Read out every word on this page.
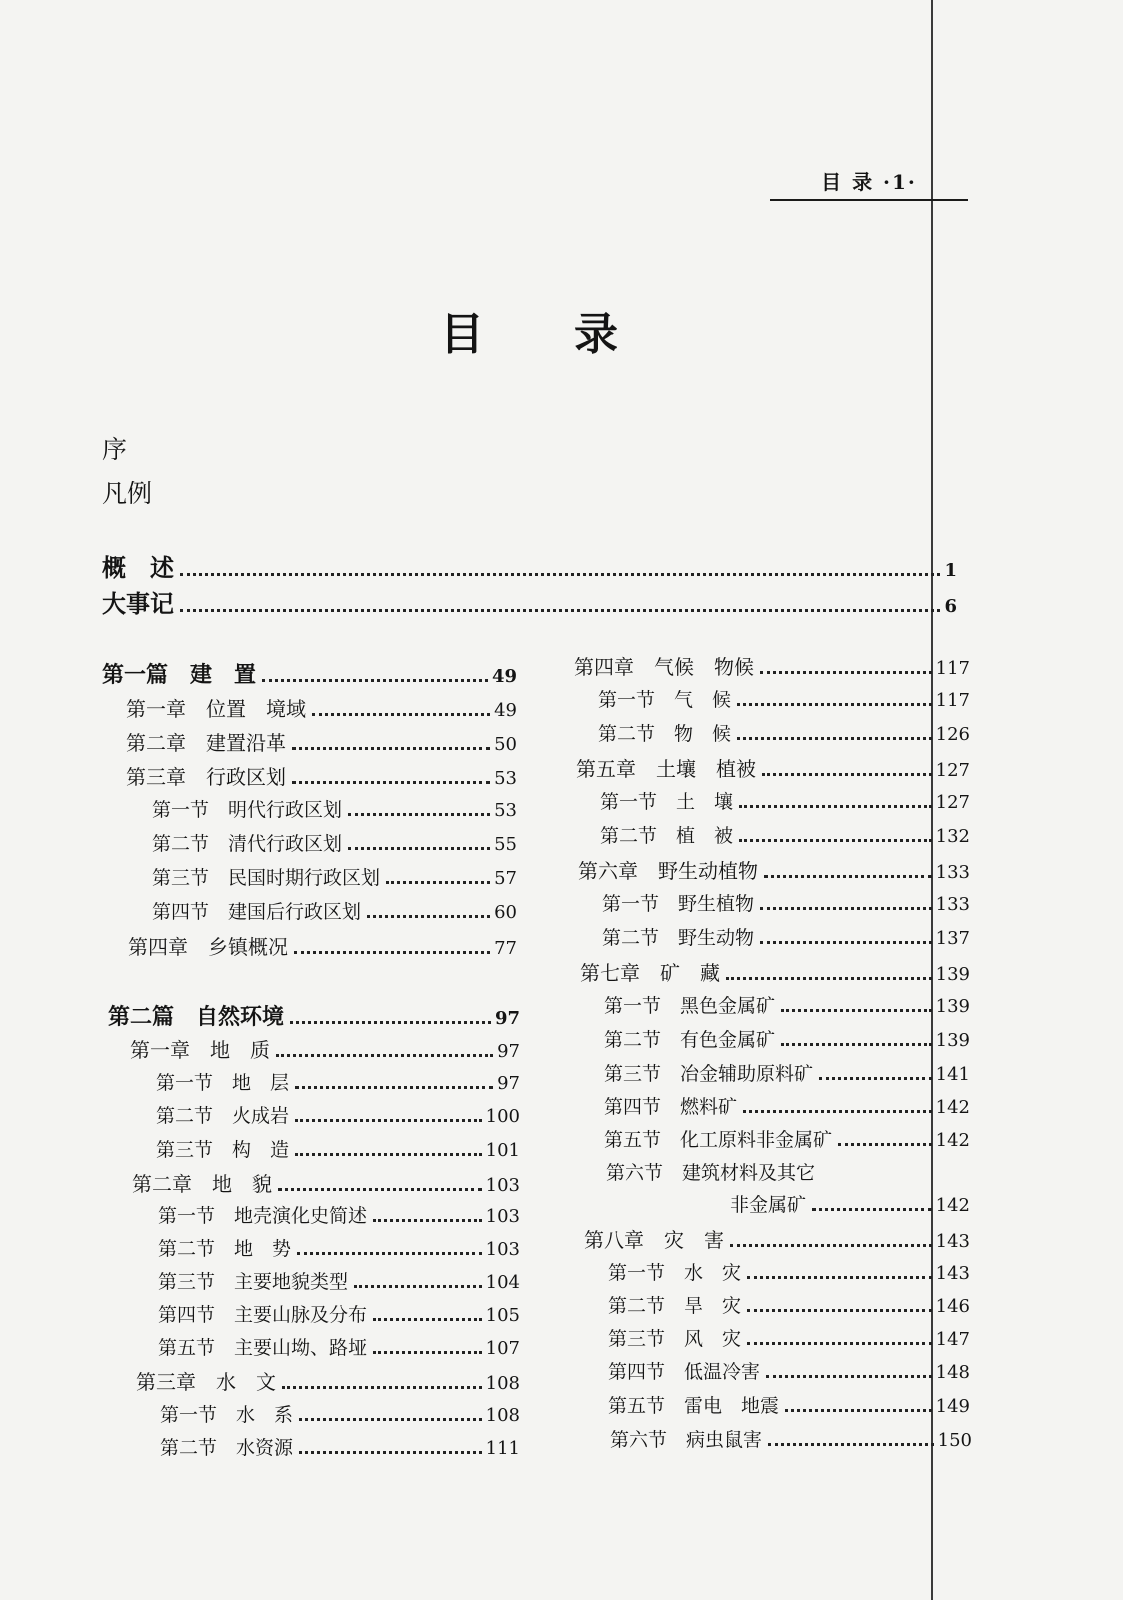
目 录 ·1·
目录
序
凡例
概　述	1
大事记	6
第一篇　建　置	49
第一章　位置　境域	49
第二章　建置沿革	50
第三章　行政区划	53
第一节　明代行政区划	53
第二节　清代行政区划	55
第三节　民国时期行政区划	57
第四节　建国后行政区划	60
第四章　乡镇概况	77
第二篇　自然环境	97
第一章　地　质	97
第一节　地　层	97
第二节　火成岩	100
第三节　构　造	101
第二章　地　貌	103
第一节　地壳演化史简述	103
第二节　地　势	103
第三节　主要地貌类型	104
第四节　主要山脉及分布	105
第五节　主要山坳、路垭	107
第三章　水　文	108
第一节　水　系	108
第二节　水资源	111
第四章　气候　物候	117
第一节　气　候	117
第二节　物　候	126
第五章　土壤　植被	127
第一节　土　壤	127
第二节　植　被	132
第六章　野生动植物	133
第一节　野生植物	133
第二节　野生动物	137
第七章　矿　藏	139
第一节　黑色金属矿	139
第二节　有色金属矿	139
第三节　冶金辅助原料矿	141
第四节　燃料矿	142
第五节　化工原料非金属矿	142
第六节　建筑材料及其它
非金属矿	142
第八章　灾　害	143
第一节　水　灾	143
第二节　旱　灾	146
第三节　风　灾	147
第四节　低温冷害	148
第五节　雷电　地震	149
第六节　病虫鼠害	150
